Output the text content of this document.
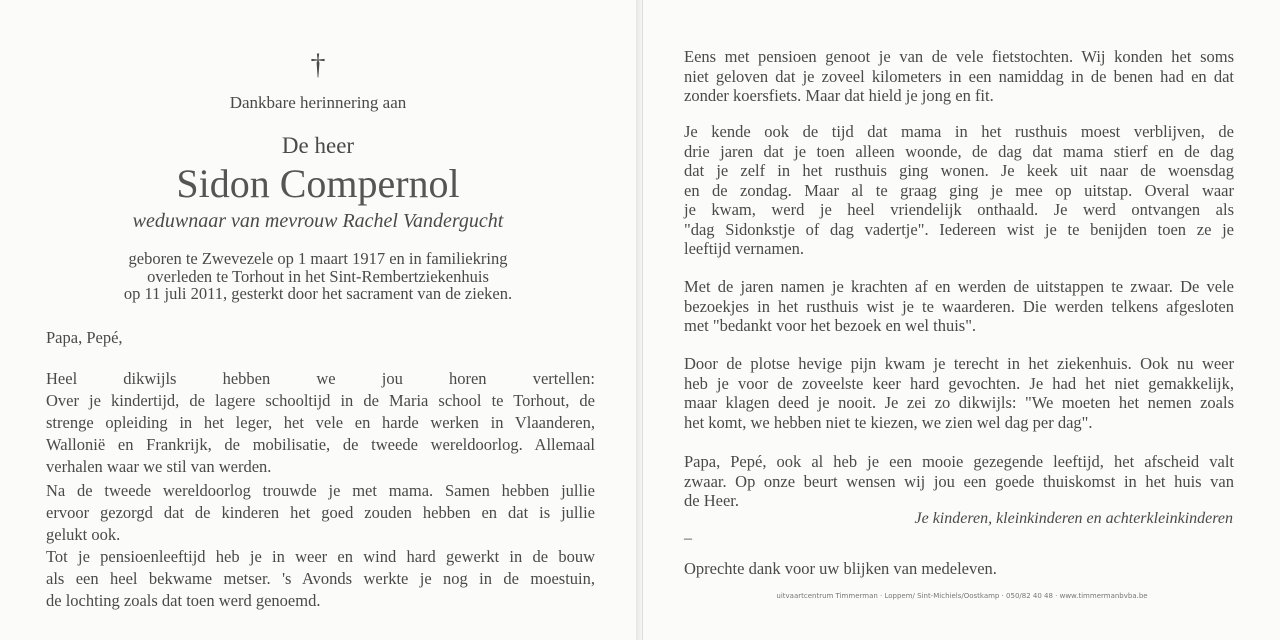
†
Dankbare herinnering aan
De heer
Sidon Compernol
weduwnaar van mevrouw Rachel Vandergucht
geboren te Zwevezele op 1 maart 1917 en in familiekring
overleden te Torhout in het Sint-Rembertziekenhuis
op 11 juli 2011, gesterkt door het sacrament van de zieken.
Papa, Pepé,
Heel dikwijls hebben we jou horen vertellen:
Over je kindertijd, de lagere schooltijd in de Maria school te Torhout, de
strenge opleiding in het leger, het vele en harde werken in Vlaanderen,
Wallonië en Frankrijk, de mobilisatie, de tweede wereldoorlog. Allemaal
verhalen waar we stil van werden.
Na de tweede wereldoorlog trouwde je met mama. Samen hebben jullie
ervoor gezorgd dat de kinderen het goed zouden hebben en dat is jullie
gelukt ook.
Tot je pensioenleeftijd heb je in weer en wind hard gewerkt in de bouw
als een heel bekwame metser. 's Avonds werkte je nog in de moestuin,
de lochting zoals dat toen werd genoemd.
Eens met pensioen genoot je van de vele fietstochten. Wij konden het soms
niet geloven dat je zoveel kilometers in een namiddag in de benen had en dat
zonder koersfiets. Maar dat hield je jong en fit.
Je kende ook de tijd dat mama in het rusthuis moest verblijven, de
drie jaren dat je toen alleen woonde, de dag dat mama stierf en de dag
dat je zelf in het rusthuis ging wonen. Je keek uit naar de woensdag
en de zondag. Maar al te graag ging je mee op uitstap. Overal waar
je kwam, werd je heel vriendelijk onthaald. Je werd ontvangen als
"dag Sidonkstje of dag vadertje". Iedereen wist je te benijden toen ze je
leeftijd vernamen.
Met de jaren namen je krachten af en werden de uitstappen te zwaar. De vele
bezoekjes in het rusthuis wist je te waarderen. Die werden telkens afgesloten
met "bedankt voor het bezoek en wel thuis".
Door de plotse hevige pijn kwam je terecht in het ziekenhuis. Ook nu weer
heb je voor de zoveelste keer hard gevochten. Je had het niet gemakkelijk,
maar klagen deed je nooit. Je zei zo dikwijls: "We moeten het nemen zoals
het komt, we hebben niet te kiezen, we zien wel dag per dag".
Papa, Pepé, ook al heb je een mooie gezegende leeftijd, het afscheid valt
zwaar. Op onze beurt wensen wij jou een goede thuiskomst in het huis van
de Heer.
Je kinderen, kleinkinderen en achterkleinkinderen
–
Oprechte dank voor uw blijken van medeleven.
uitvaartcentrum Timmerman · Loppem/ Sint-Michiels/Oostkamp · 050/82 40 48 · www.timmermanbvba.be
